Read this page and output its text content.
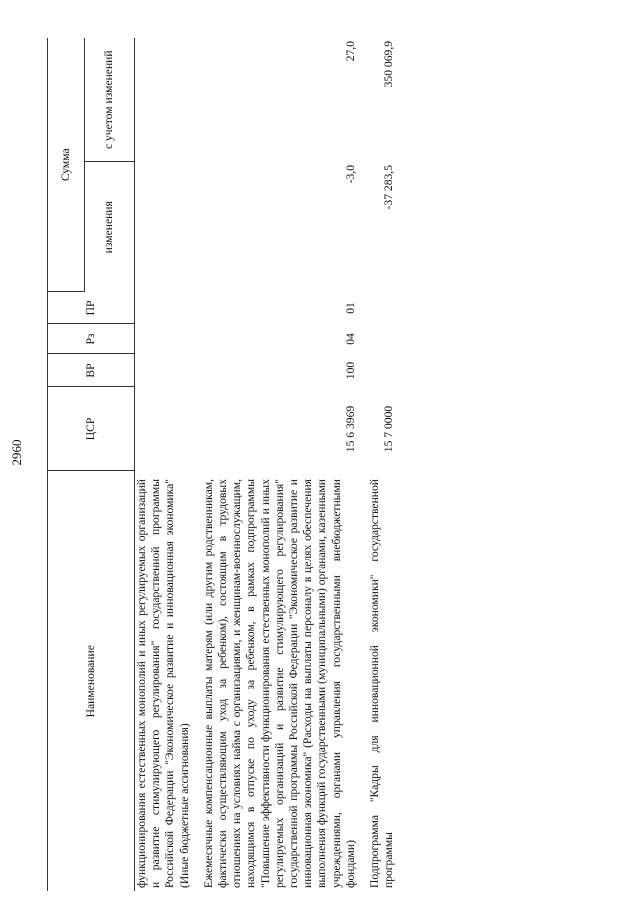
2960
Наименование	ЦСР	ВР	Рз	ПР	Сумма	
					изменения	с учетом изменений
функционирования естественных монополий и иных регулируемых организаций и развитие стимулирующего регулирования" государственной программы Российской Федерации "Экономическое развитие и инновационная экономика" (Иные бюджетные ассигнования)						
Ежемесячные компенсационные выплаты матерям (или другим родственникам, фактически осуществляющим уход за ребенком), состоящим в трудовых отношениях на условиях найма с организациями, и женщинам-военнослужащим, находящимся в отпуске по уходу за ребенком, в рамках подпрограммы "Повышение эффективности функционирования естественных монополий и иных регулируемых организаций и развитие стимулирующего регулирования" государственной программы Российской Федерации "Экономическое развитие и инновационная экономика" (Расходы на выплаты персоналу в целях обеспечения выполнения функций государственными (муниципальными) органами, казенными учреждениями, органами управления государственными внебюджетными фондами)	15 6 3969	100	04	01	-3,0	27,0
Подпрограмма "Кадры для инновационной экономики" государственной программы	15 7 0000				-37 283,5	350 069,9
